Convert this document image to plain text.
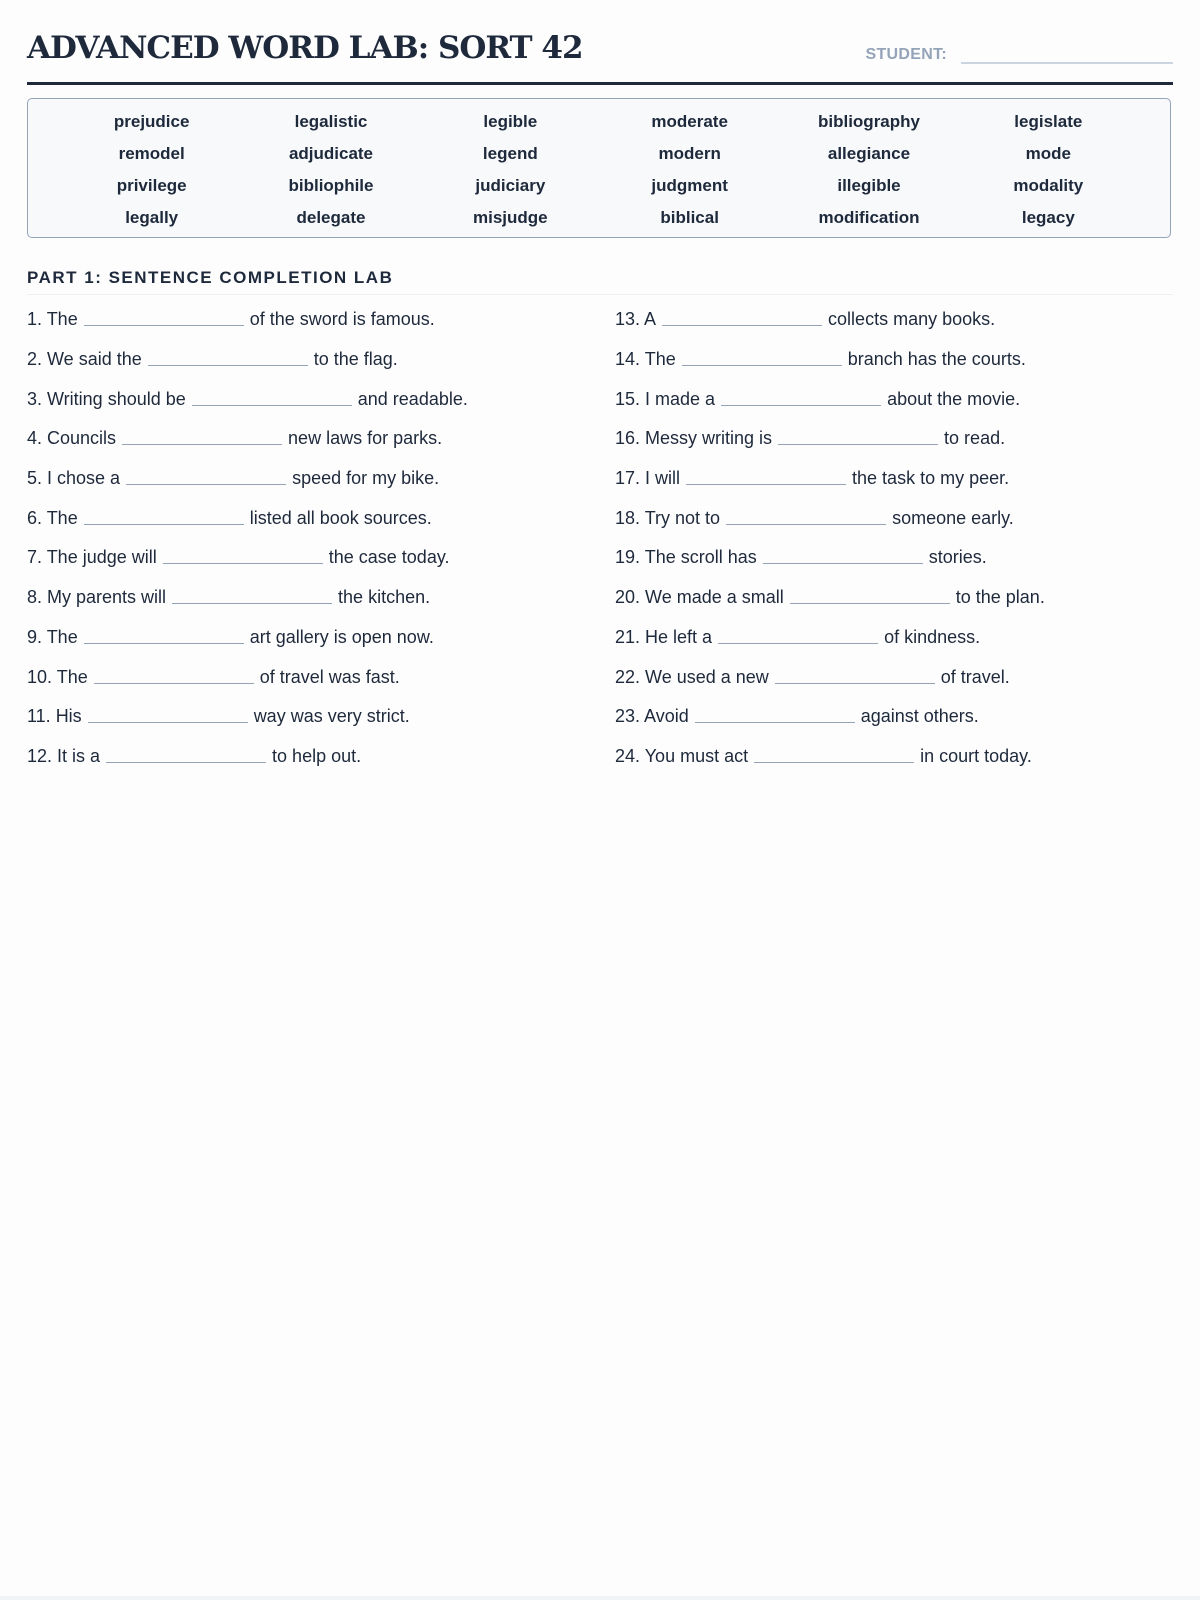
ADVANCED WORD LAB: SORT 42	STUDENT:
prejudice	legalistic	legible	moderate	bibliography	legislate
remodel	adjudicate	legend	modern	allegiance	mode
privilege	bibliophile	judiciary	judgment	illegible	modality
legally	delegate	misjudge	biblical	modification	legacy
PART 1: SENTENCE COMPLETION LAB
1. The	of the sword is famous.
2. We said the	to the flag.
3. Writing should be	and readable.
4. Councils	new laws for parks.
5. I chose a	speed for my bike.
6. The	listed all book sources.
7. The judge will	the case today.
8. My parents will	the kitchen.
9. The	art gallery is open now.
10. The	of travel was fast.
11. His	way was very strict.
12. It is a	to help out.
13. A	collects many books.
14. The	branch has the courts.
15. I made a	about the movie.
16. Messy writing is	to read.
17. I will	the task to my peer.
18. Try not to	someone early.
19. The scroll has	stories.
20. We made a small	to the plan.
21. He left a	of kindness.
22. We used a new	of travel.
23. Avoid	against others.
24. You must act	in court today.
